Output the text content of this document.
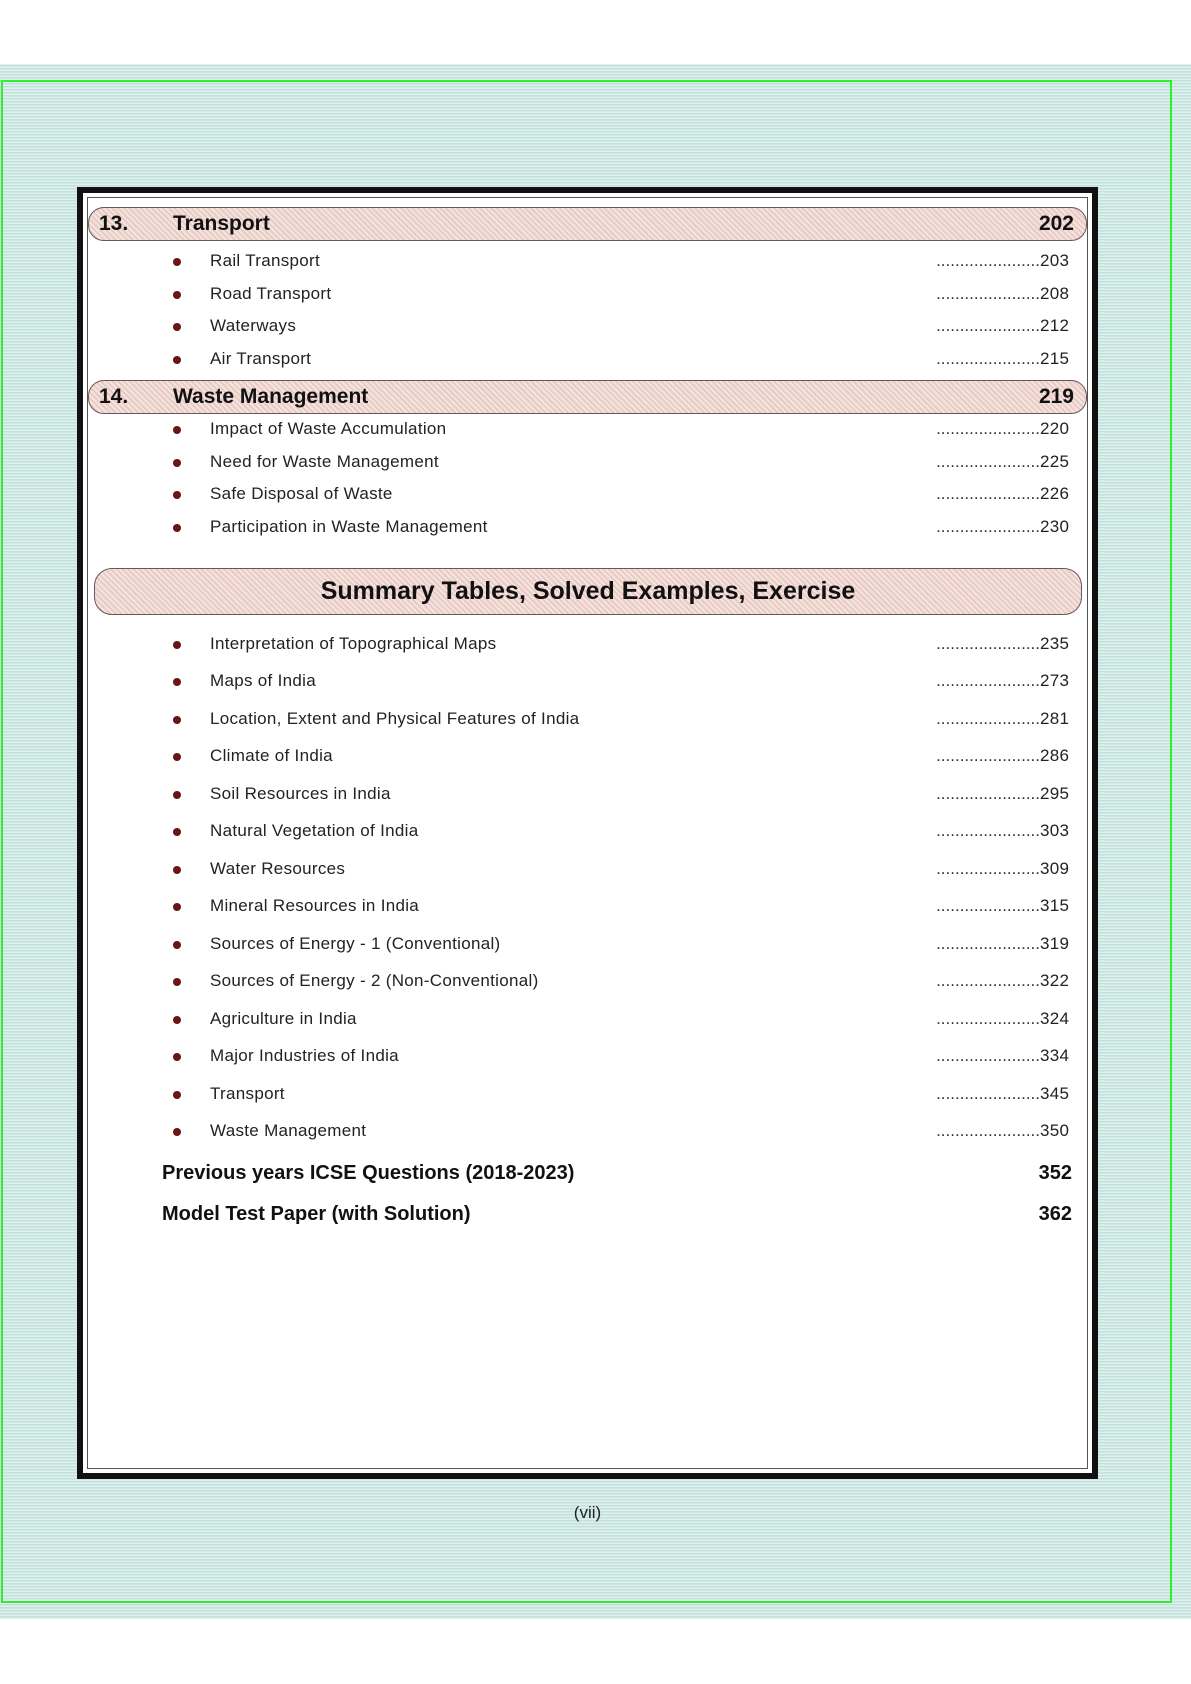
13. Transport	202
Rail Transport	...................... 203
Road Transport	...................... 208
Waterways	...................... 212
Air Transport	...................... 215
14. Waste Management	219
Impact of Waste Accumulation	...................... 220
Need for Waste Management	...................... 225
Safe Disposal of Waste	...................... 226
Participation in Waste Management	...................... 230
Summary Tables, Solved Examples, Exercise
Interpretation of Topographical Maps	...................... 235
Maps of India	...................... 273
Location, Extent and Physical Features of India	...................... 281
Climate of India	...................... 286
Soil Resources in India	...................... 295
Natural Vegetation of India	...................... 303
Water Resources	...................... 309
Mineral Resources in India	...................... 315
Sources of Energy - 1 (Conventional)	...................... 319
Sources of Energy - 2 (Non-Conventional)	...................... 322
Agriculture in India	...................... 324
Major Industries of India	...................... 334
Transport	...................... 345
Waste Management	...................... 350
Previous years ICSE Questions (2018-2023)	352
Model Test Paper (with Solution)	362
(vii)
